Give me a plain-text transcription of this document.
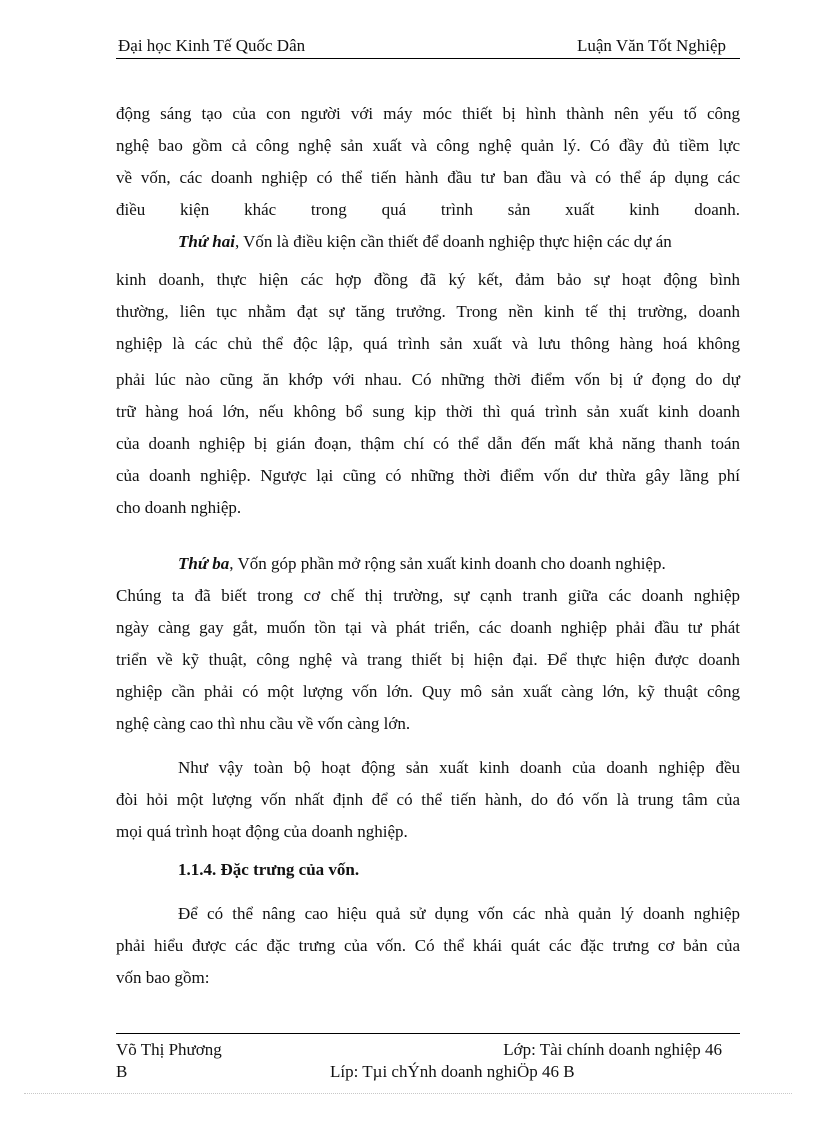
Đại học Kinh Tế Quốc Dân	Luận Văn Tốt Nghiệp
động sáng tạo của con người với máy móc thiết bị hình thành nên yếu tố công
nghệ bao gồm cả công nghệ sản xuất và công nghệ quản lý. Có đầy đủ tiềm lực
về vốn, các doanh nghiệp có thể tiến hành đầu tư ban đầu và có thể áp dụng các
điều kiện khác trong quá trình sản xuất kinh doanh.
Thứ hai, Vốn là điều kiện cần thiết để doanh nghiệp thực hiện các dự án
kinh doanh, thực hiện các hợp đồng đã ký kết, đảm bảo sự hoạt động bình
thường, liên tục nhằm đạt sự tăng trưởng. Trong nền kinh tế thị trường, doanh
nghiệp là các chủ thể độc lập, quá trình sản xuất và lưu thông hàng hoá không
phải lúc nào cũng ăn khớp với nhau. Có những thời điểm vốn bị ứ đọng do dự
trữ hàng hoá lớn, nếu không bổ sung kịp thời thì quá trình sản xuất kinh doanh
của doanh nghiệp bị gián đoạn, thậm chí có thể dẫn đến mất khả năng thanh toán
của doanh nghiệp. Ngược lại cũng có những thời điểm vốn dư thừa gây lãng phí
cho doanh nghiệp.
Thứ ba, Vốn góp phần mở rộng sản xuất kinh doanh cho doanh nghiệp.
Chúng ta đã biết trong cơ chế thị trường, sự cạnh tranh giữa các doanh nghiệp
ngày càng gay gắt, muốn tồn tại và phát triển, các doanh nghiệp phải đầu tư phát
triển về kỹ thuật, công nghệ và trang thiết bị hiện đại. Để thực hiện được doanh
nghiệp cần phải có một lượng vốn lớn. Quy mô sản xuất càng lớn, kỹ thuật công
nghệ càng cao thì nhu cầu về vốn càng lớn.
Như vậy toàn bộ hoạt động sản xuất kinh doanh của doanh nghiệp đều
đòi hỏi một lượng vốn nhất định để có thể tiến hành, do đó vốn là trung tâm của
mọi quá trình hoạt động của doanh nghiệp.
1.1.4. Đặc trưng của vốn.
Để có thể nâng cao hiệu quả sử dụng vốn các nhà quản lý doanh nghiệp
phải hiểu được các đặc trưng của vốn. Có thể khái quát các đặc trưng cơ bản của
vốn bao gồm:
Võ Thị Phương	Lớp: Tài chính doanh nghiệp 46
B	Líp: Tµi chÝnh doanh nghiÖp 46 B
